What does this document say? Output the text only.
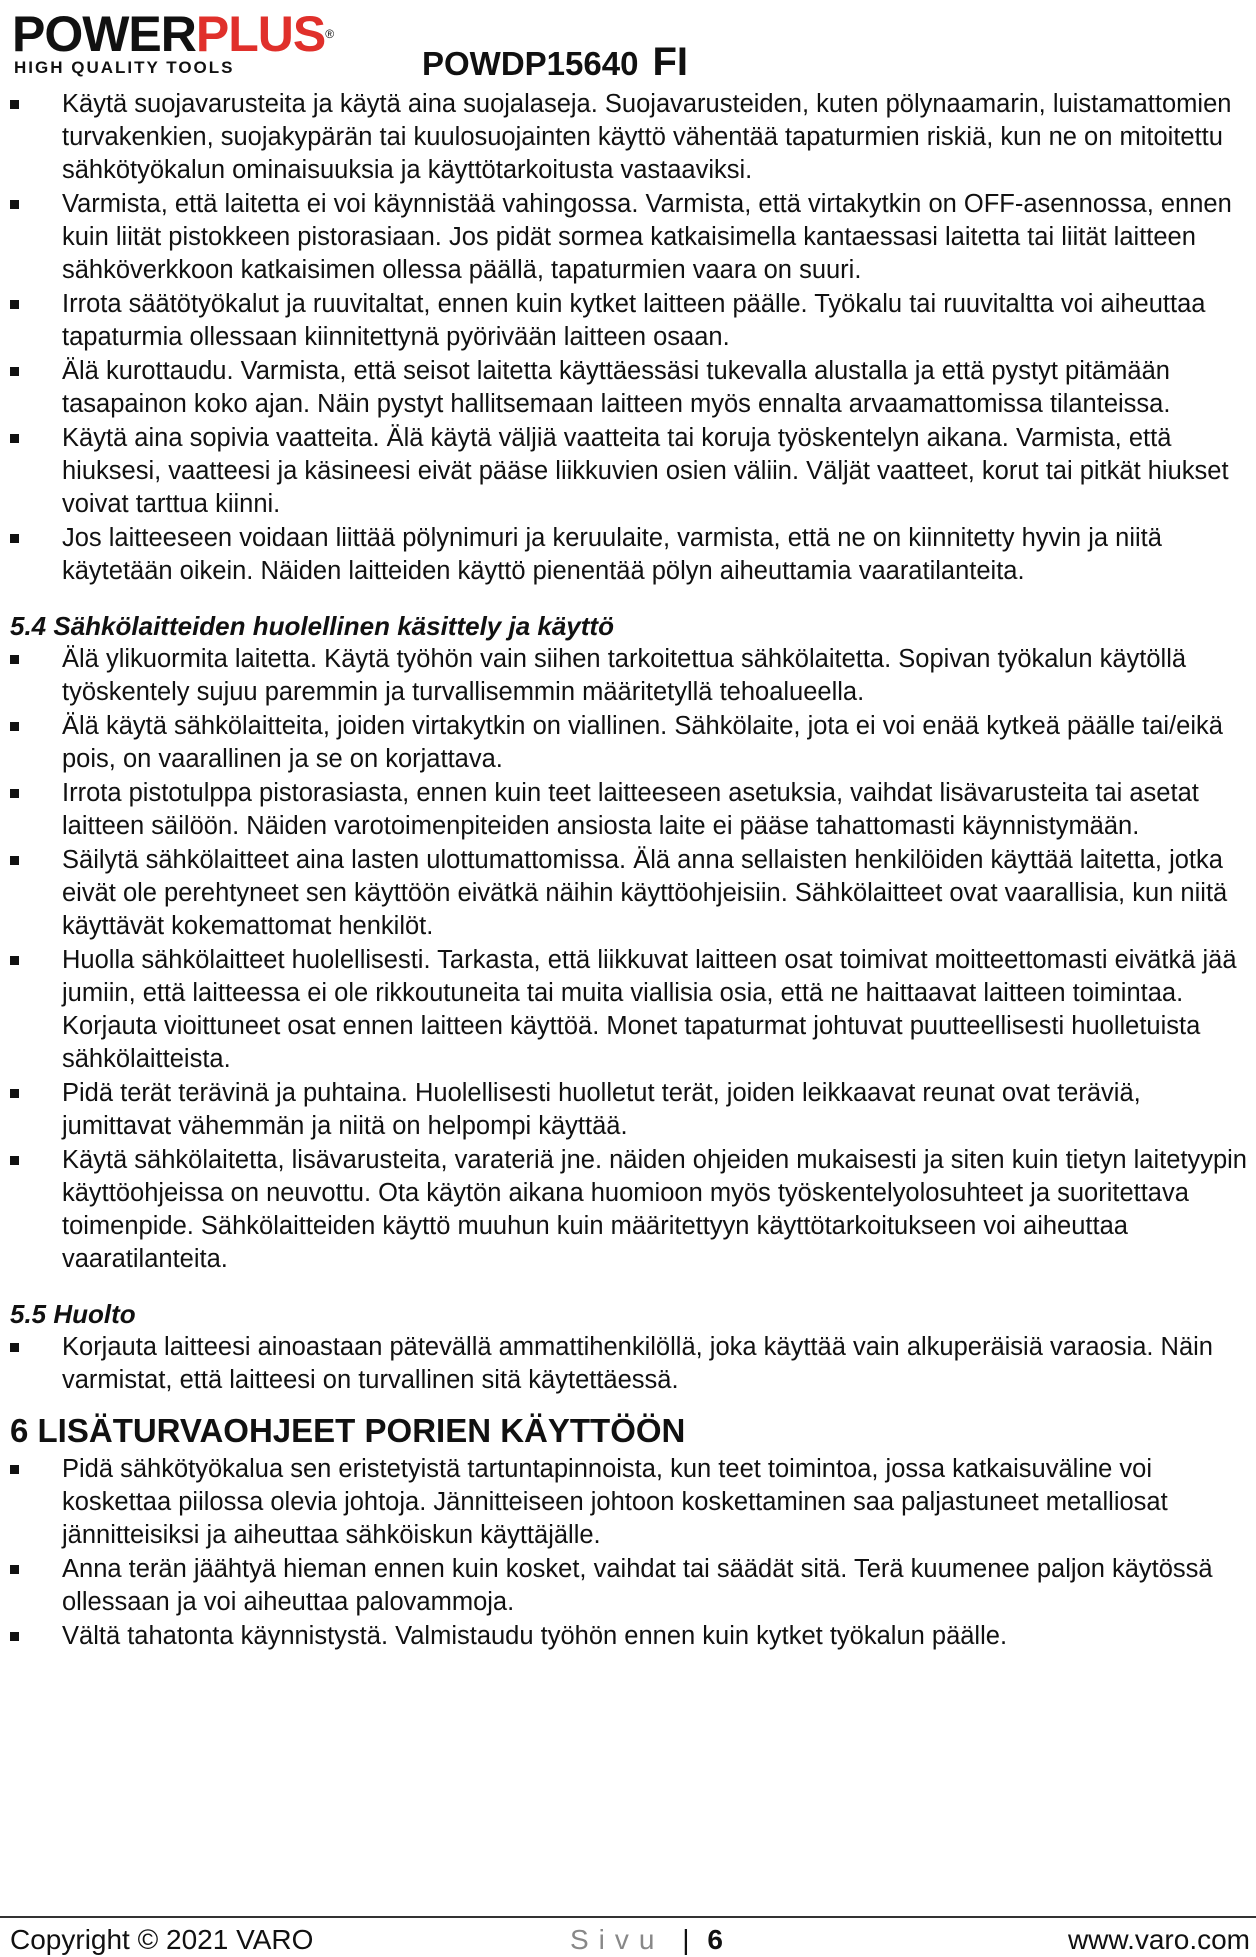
POWERPLUS®
HIGH QUALITY TOOLS	POWDP15640 FI
Käytä suojavarusteita ja käytä aina suojalaseja. Suojavarusteiden, kuten pölynaamarin, luistamattomien turvakenkien, suojakypärän tai kuulosuojainten käyttö vähentää tapaturmien riskiä, kun ne on mitoitettu sähkötyökalun ominaisuuksia ja käyttötarkoitusta vastaaviksi.
Varmista, että laitetta ei voi käynnistää vahingossa. Varmista, että virtakytkin on OFF-asennossa, ennen kuin liität pistokkeen pistorasiaan. Jos pidät sormea katkaisimella kantaessasi laitetta tai liität laitteen sähköverkkoon katkaisimen ollessa päällä, tapaturmien vaara on suuri.
Irrota säätötyökalut ja ruuvitaltat, ennen kuin kytket laitteen päälle. Työkalu tai ruuvitaltta voi aiheuttaa tapaturmia ollessaan kiinnitettynä pyörivään laitteen osaan.
Älä kurottaudu. Varmista, että seisot laitetta käyttäessäsi tukevalla alustalla ja että pystyt pitämään tasapainon koko ajan. Näin pystyt hallitsemaan laitteen myös ennalta arvaamattomissa tilanteissa.
Käytä aina sopivia vaatteita. Älä käytä väljiä vaatteita tai koruja työskentelyn aikana. Varmista, että hiuksesi, vaatteesi ja käsineesi eivät pääse liikkuvien osien väliin. Väljät vaatteet, korut tai pitkät hiukset voivat tarttua kiinni.
Jos laitteeseen voidaan liittää pölynimuri ja keruulaite, varmista, että ne on kiinnitetty hyvin ja niitä käytetään oikein. Näiden laitteiden käyttö pienentää pölyn aiheuttamia vaaratilanteita.
5.4 Sähkölaitteiden huolellinen käsittely ja käyttö
Älä ylikuormita laitetta. Käytä työhön vain siihen tarkoitettua sähkölaitetta. Sopivan työkalun käytöllä työskentely sujuu paremmin ja turvallisemmin määritetyllä tehoalueella.
Älä käytä sähkölaitteita, joiden virtakytkin on viallinen. Sähkölaite, jota ei voi enää kytkeä päälle tai/eikä pois, on vaarallinen ja se on korjattava.
Irrota pistotulppa pistorasiasta, ennen kuin teet laitteeseen asetuksia, vaihdat lisävarusteita tai asetat laitteen säilöön. Näiden varotoimenpiteiden ansiosta laite ei pääse tahattomasti käynnistymään.
Säilytä sähkölaitteet aina lasten ulottumattomissa. Älä anna sellaisten henkilöiden käyttää laitetta, jotka eivät ole perehtyneet sen käyttöön eivätkä näihin käyttöohjeisiin. Sähkölaitteet ovat vaarallisia, kun niitä käyttävät kokemattomat henkilöt.
Huolla sähkölaitteet huolellisesti. Tarkasta, että liikkuvat laitteen osat toimivat moitteettomasti eivätkä jää jumiin, että laitteessa ei ole rikkoutuneita tai muita viallisia osia, että ne haittaavat laitteen toimintaa. Korjauta vioittuneet osat ennen laitteen käyttöä. Monet tapaturmat johtuvat puutteellisesti huolletuista sähkölaitteista.
Pidä terät terävinä ja puhtaina. Huolellisesti huolletut terät, joiden leikkaavat reunat ovat teräviä, jumittavat vähemmän ja niitä on helpompi käyttää.
Käytä sähkölaitetta, lisävarusteita, varateriä jne. näiden ohjeiden mukaisesti ja siten kuin tietyn laitetyypin käyttöohjeissa on neuvottu. Ota käytön aikana huomioon myös työskentelyolosuhteet ja suoritettava toimenpide. Sähkölaitteiden käyttö muuhun kuin määritettyyn käyttötarkoitukseen voi aiheuttaa vaaratilanteita.
5.5 Huolto
Korjauta laitteesi ainoastaan pätevällä ammattihenkilöllä, joka käyttää vain alkuperäisiä varaosia. Näin varmistat, että laitteesi on turvallinen sitä käytettäessä.
6 LISÄTURVAOHJEET PORIEN KÄYTTÖÖN
Pidä sähkötyökalua sen eristetyistä tartuntapinnoista, kun teet toimintoa, jossa katkaisuväline voi koskettaa piilossa olevia johtoja. Jännitteiseen johtoon koskettaminen saa paljastuneet metalliosat jännitteisiksi ja aiheuttaa sähköiskun käyttäjälle.
Anna terän jäähtyä hieman ennen kuin kosket, vaihdat tai säädät sitä. Terä kuumenee paljon käytössä ollessaan ja voi aiheuttaa palovammoja.
Vältä tahatonta käynnistystä. Valmistaudu työhön ennen kuin kytket työkalun päälle.
Copyright © 2021 VARO	Sivu | 6	www.varo.com
